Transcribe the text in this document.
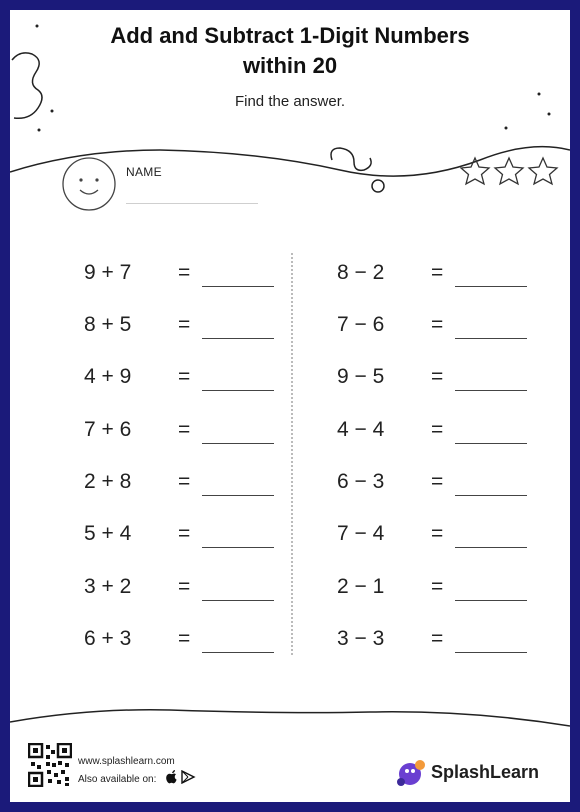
Add and Subtract 1-Digit Numbers
within 20
Find the answer.
NAME
9 + 7	=
8 + 5	=
4 + 9	=
7 + 6	=
2 + 8	=
5 + 4	=
3 + 2	=
6 + 3	=
8 − 2	=
7 − 6	=
9 − 5	=
4 − 4	=
6 − 3	=
7 − 4	=
2 − 1	=
3 − 3	=
www.splashlearn.com
Also available on:	SplashLearn
